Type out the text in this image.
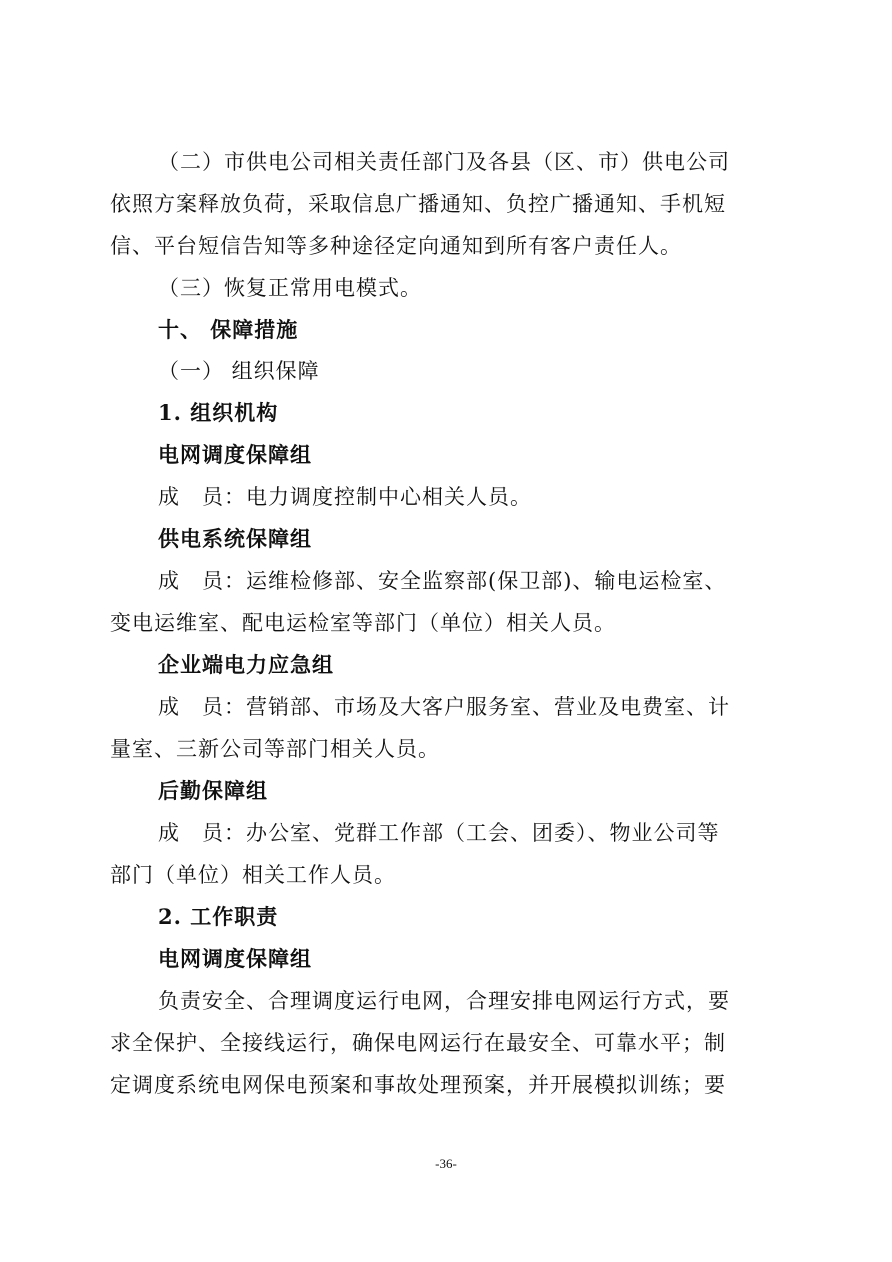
（二）市供电公司相关责任部门及各县（区、市）供电公司
依照方案释放负荷，采取信息广播通知、负控广播通知、手机短
信、平台短信告知等多种途径定向通知到所有客户责任人。
（三）恢复正常用电模式。
十、 保障措施
（一） 组织保障
1. 组织机构
电网调度保障组
成　员：电力调度控制中心相关人员。
供电系统保障组
成　员：运维检修部、安全监察部(保卫部)、输电运检室、
变电运维室、配电运检室等部门（单位）相关人员。
企业端电力应急组
成　员：营销部、市场及大客户服务室、营业及电费室、计
量室、三新公司等部门相关人员。
后勤保障组
成　员：办公室、党群工作部（工会、团委）、物业公司等
部门（单位）相关工作人员。
2. 工作职责
电网调度保障组
负责安全、合理调度运行电网，合理安排电网运行方式，要
求全保护、全接线运行，确保电网运行在最安全、可靠水平；制
定调度系统电网保电预案和事故处理预案，并开展模拟训练；要
-36-
